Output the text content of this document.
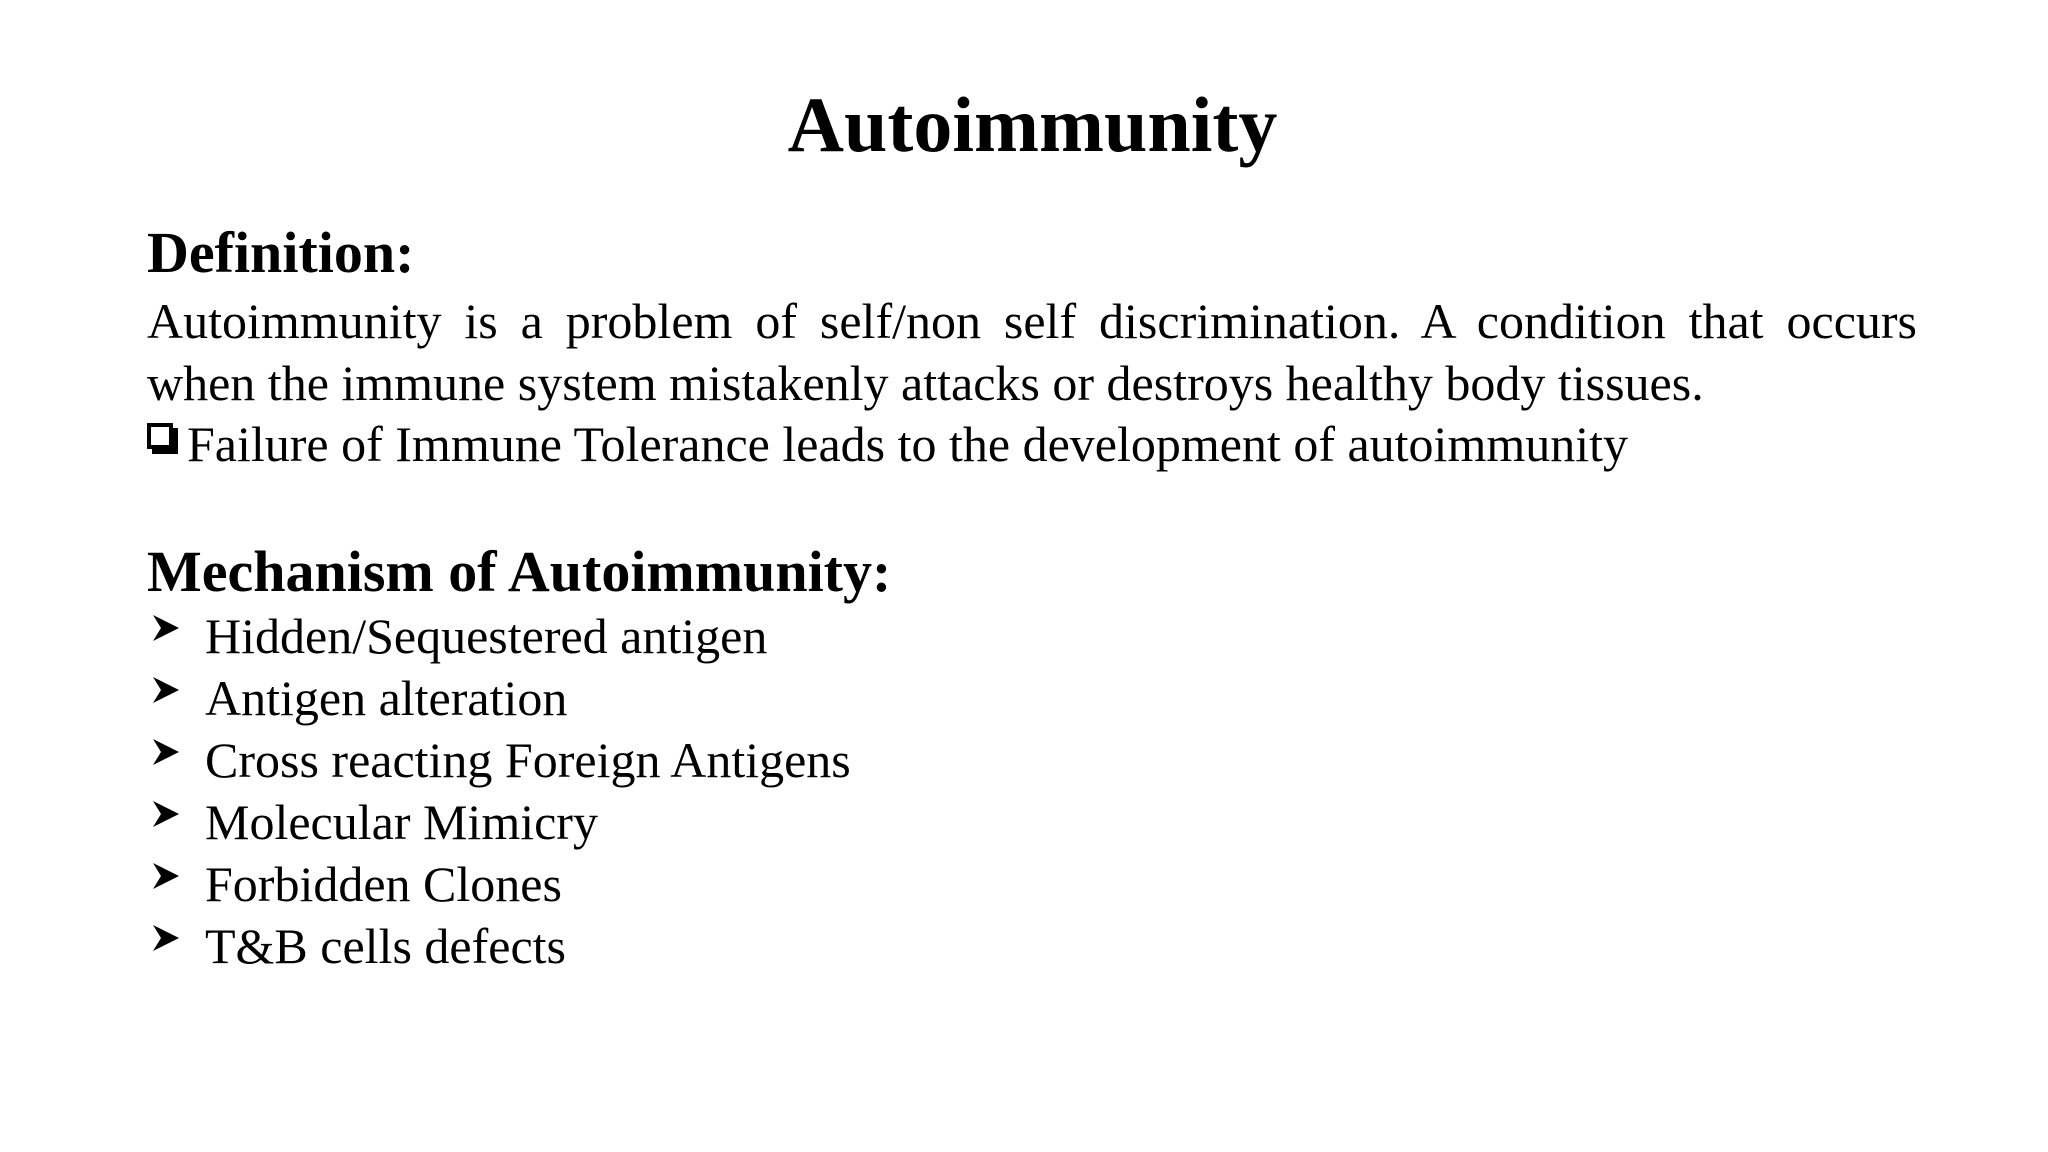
Autoimmunity
Definition:

Autoimmunity is a problem of self/non self discrimination. A condition that occurs
when the immune system mistakenly attacks or destroys healthy body tissues.

Failure of Immune Tolerance leads to the development of autoimmunity
Mechanism of Autoimmunity:
Hidden/Sequestered antigen
Antigen alteration
Cross reacting Foreign Antigens
Molecular Mimicry
Forbidden Clones
T&B cells defects
